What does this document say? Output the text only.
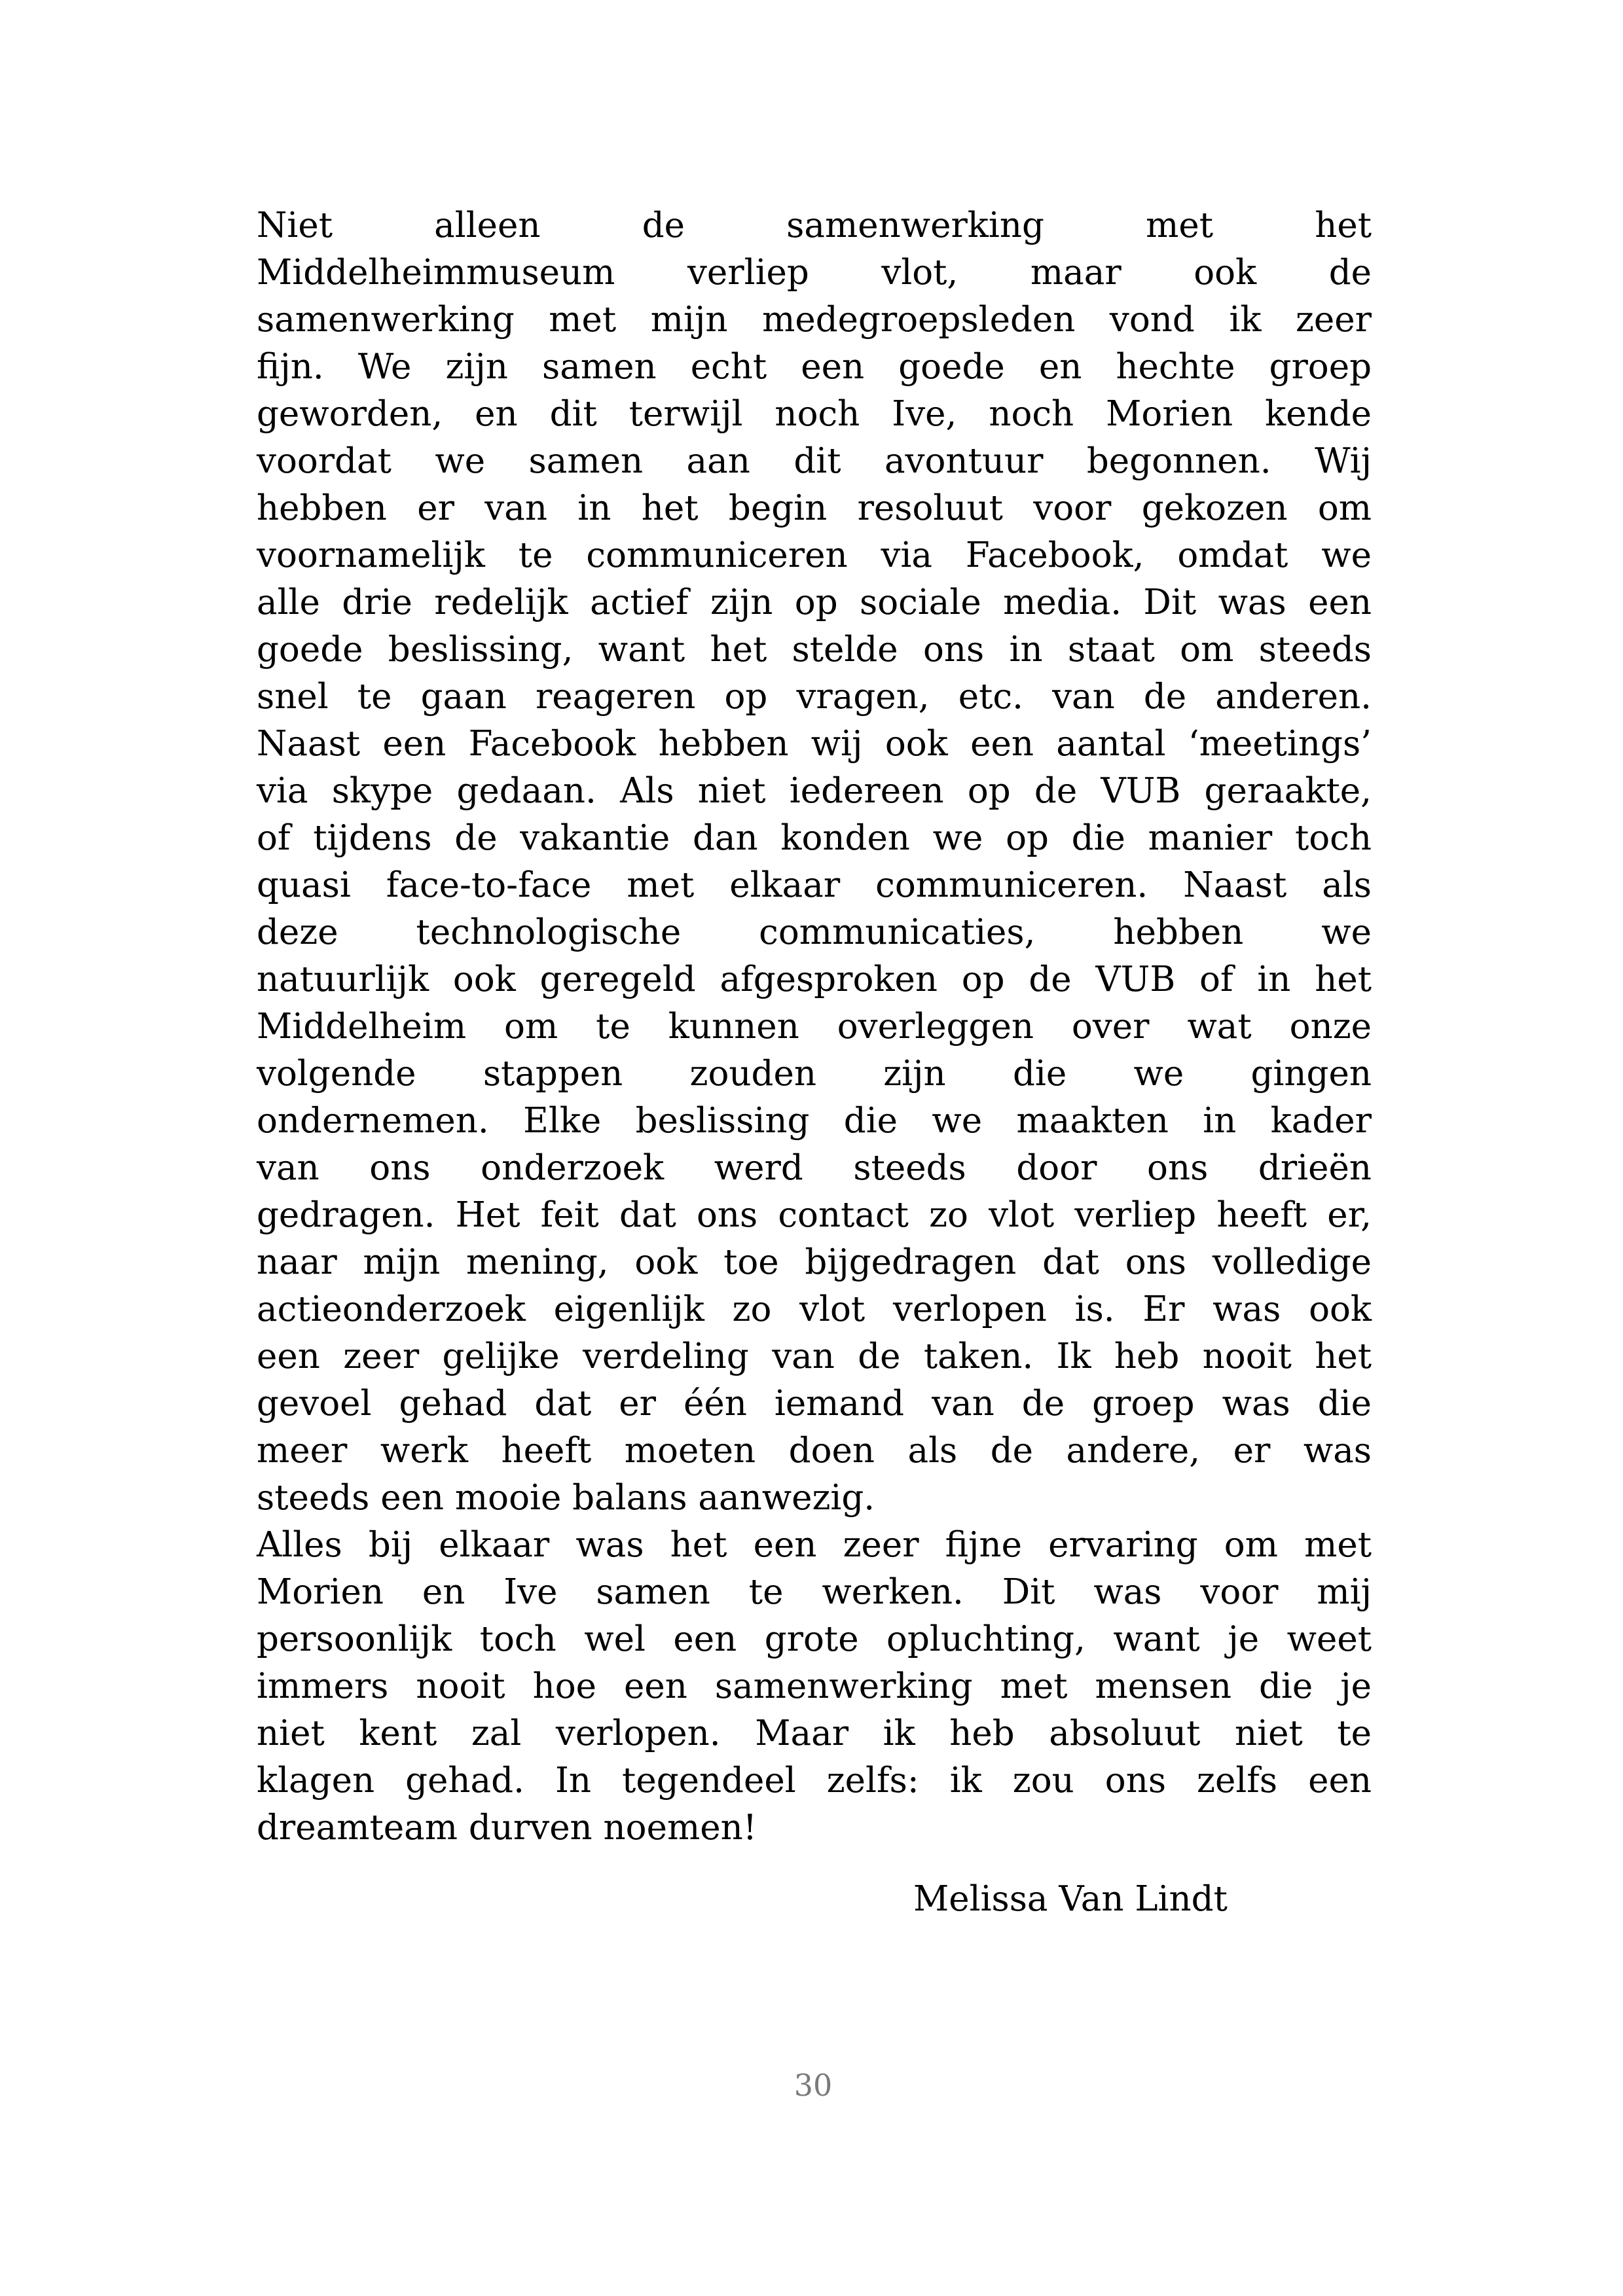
Niet alleen de samenwerking met het
Middelheimmuseum verliep vlot, maar ook de
samenwerking met mijn medegroepsleden vond ik zeer
fijn. We zijn samen echt een goede en hechte groep
geworden, en dit terwijl noch Ive, noch Morien kende
voordat we samen aan dit avontuur begonnen. Wij
hebben er van in het begin resoluut voor gekozen om
voornamelijk te communiceren via Facebook, omdat we
alle drie redelijk actief zijn op sociale media. Dit was een
goede beslissing, want het stelde ons in staat om steeds
snel te gaan reageren op vragen, etc. van de anderen.
Naast een Facebook hebben wij ook een aantal ‘meetings’
via skype gedaan. Als niet iedereen op de VUB geraakte,
of tijdens de vakantie dan konden we op die manier toch
quasi face-to-face met elkaar communiceren. Naast als
deze technologische communicaties, hebben we
natuurlijk ook geregeld afgesproken op de VUB of in het
Middelheim om te kunnen overleggen over wat onze
volgende stappen zouden zijn die we gingen
ondernemen. Elke beslissing die we maakten in kader
van ons onderzoek werd steeds door ons drieën
gedragen. Het feit dat ons contact zo vlot verliep heeft er,
naar mijn mening, ook toe bijgedragen dat ons volledige
actieonderzoek eigenlijk zo vlot verlopen is. Er was ook
een zeer gelijke verdeling van de taken. Ik heb nooit het
gevoel gehad dat er één iemand van de groep was die
meer werk heeft moeten doen als de andere, er was
steeds een mooie balans aanwezig.
Alles bij elkaar was het een zeer fijne ervaring om met
Morien en Ive samen te werken. Dit was voor mij
persoonlijk toch wel een grote opluchting, want je weet
immers nooit hoe een samenwerking met mensen die je
niet kent zal verlopen. Maar ik heb absoluut niet te
klagen gehad. In tegendeel zelfs: ik zou ons zelfs een
dreamteam durven noemen!
Melissa Van Lindt
30
